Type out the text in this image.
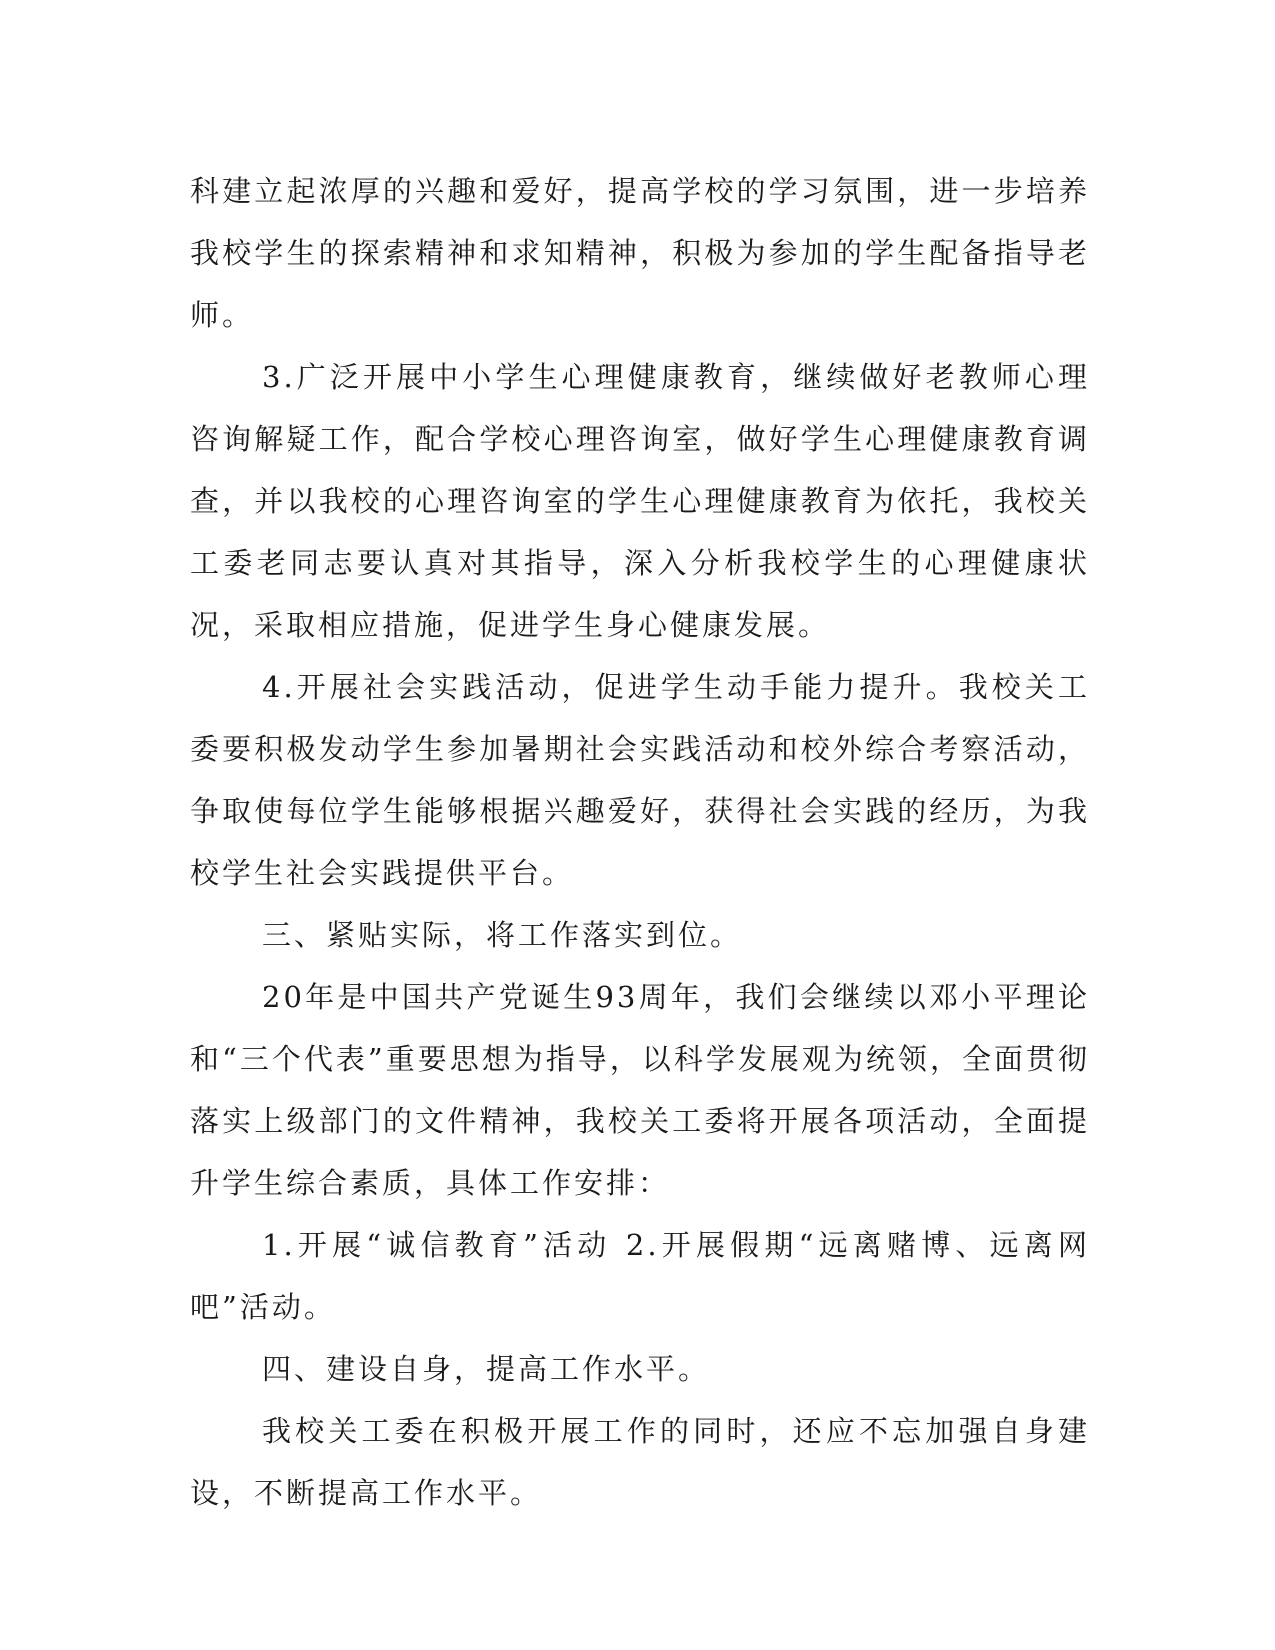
科建立起浓厚的兴趣和爱好，提高学校的学习氛围，进一步培养我校学生的探索精神和求知精神，积极为参加的学生配备指导老师。

3.广泛开展中小学生心理健康教育，继续做好老教师心理咨询解疑工作，配合学校心理咨询室，做好学生心理健康教育调查，并以我校的心理咨询室的学生心理健康教育为依托，我校关工委老同志要认真对其指导，深入分析我校学生的心理健康状况，采取相应措施，促进学生身心健康发展。

4.开展社会实践活动，促进学生动手能力提升。我校关工委要积极发动学生参加暑期社会实践活动和校外综合考察活动，争取使每位学生能够根据兴趣爱好，获得社会实践的经历，为我校学生社会实践提供平台。

三、紧贴实际，将工作落实到位。

20年是中国共产党诞生93周年，我们会继续以邓小平理论和“三个代表”重要思想为指导，以科学发展观为统领，全面贯彻落实上级部门的文件精神，我校关工委将开展各项活动，全面提升学生综合素质，具体工作安排：

1.开展“诚信教育”活动 2.开展假期“远离赌博、远离网吧”活动。

四、建设自身，提高工作水平。

我校关工委在积极开展工作的同时，还应不忘加强自身建设，不断提高工作水平。
